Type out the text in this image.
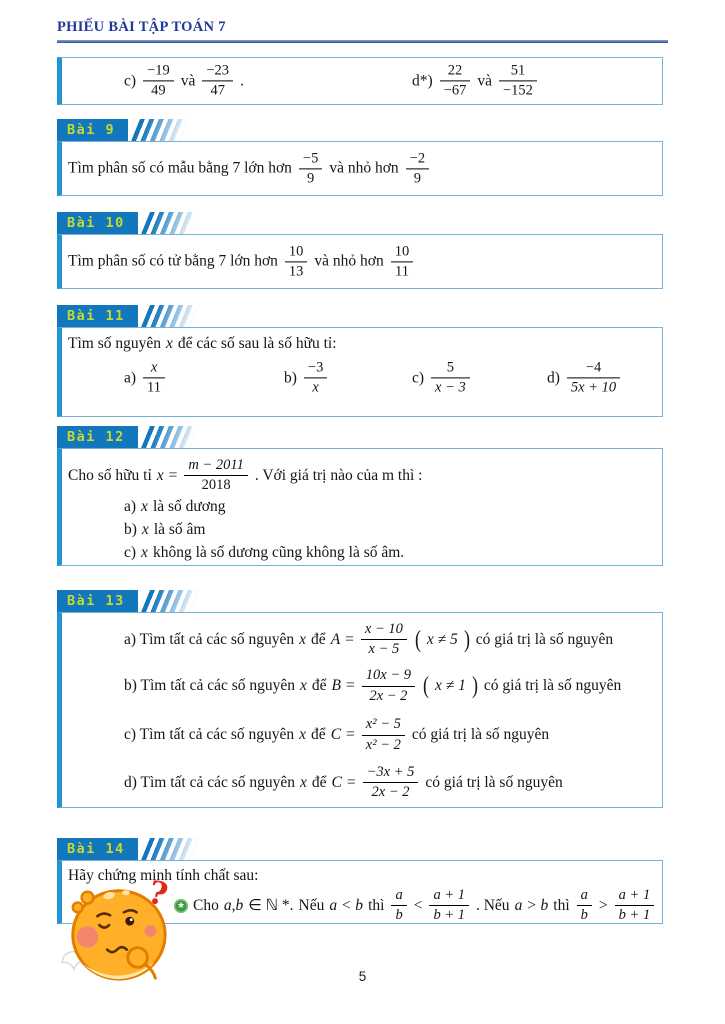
PHIẾU BÀI TẬP TOÁN 7
$c) \frac{-19}{49}$ và $\frac{-23}{47}$ .	$d*) \frac{22}{-67}$ và $\frac{51}{-152}$
Bài 9
Tìm phân số có mẫu bằng 7 lớn hơn $\frac{-5}{9}$ và nhỏ hơn $\frac{-2}{9}$
Bài 10
Tìm phân số có tử bằng 7 lớn hơn $\frac{10}{13}$ và nhỏ hơn $\frac{10}{11}$
Bài 11
Tìm số nguyên x để các số sau là số hữu tỉ:
$a) \frac{x}{11}$	$b) \frac{-3}{x}$	$c) \frac{5}{x - 3}$	$d) \frac{-4}{5x + 10}$
Bài 12
Cho số hữu tỉ $x = \frac{m - 2011}{2018}$ . Với giá trị nào của m thì :
a) x là số dương
b) x là số âm
c) x không là số dương cũng không là số âm.
Bài 13
a) Tìm tất cả các số nguyên x để $A = \frac{x - 10}{x - 5}$ ( x ≠ 5 ) có giá trị là số nguyên
b) Tìm tất cả các số nguyên x để $B = \frac{10x - 9}{2x - 2}$ ( x ≠ 1 ) có giá trị là số nguyên
c) Tìm tất cả các số nguyên x để $C = \frac{\text{x² − 5}}{\text{x² − 2}}$ có giá trị là số nguyên
d) Tìm tất cả các số nguyên x để $C = \frac{-3x + 5}{2x - 2}$ có giá trị là số nguyên
Bài 14
Hãy chứng minh tính chất sau:
★ Cho a,b ∈ ℕ *. Nếu a < b thì $\frac{a}{b} < \frac{a + 1}{b + 1}$ . Nếu a > b thì $\frac{a}{b} > \frac{a + 1}{b + 1}$
?
5
